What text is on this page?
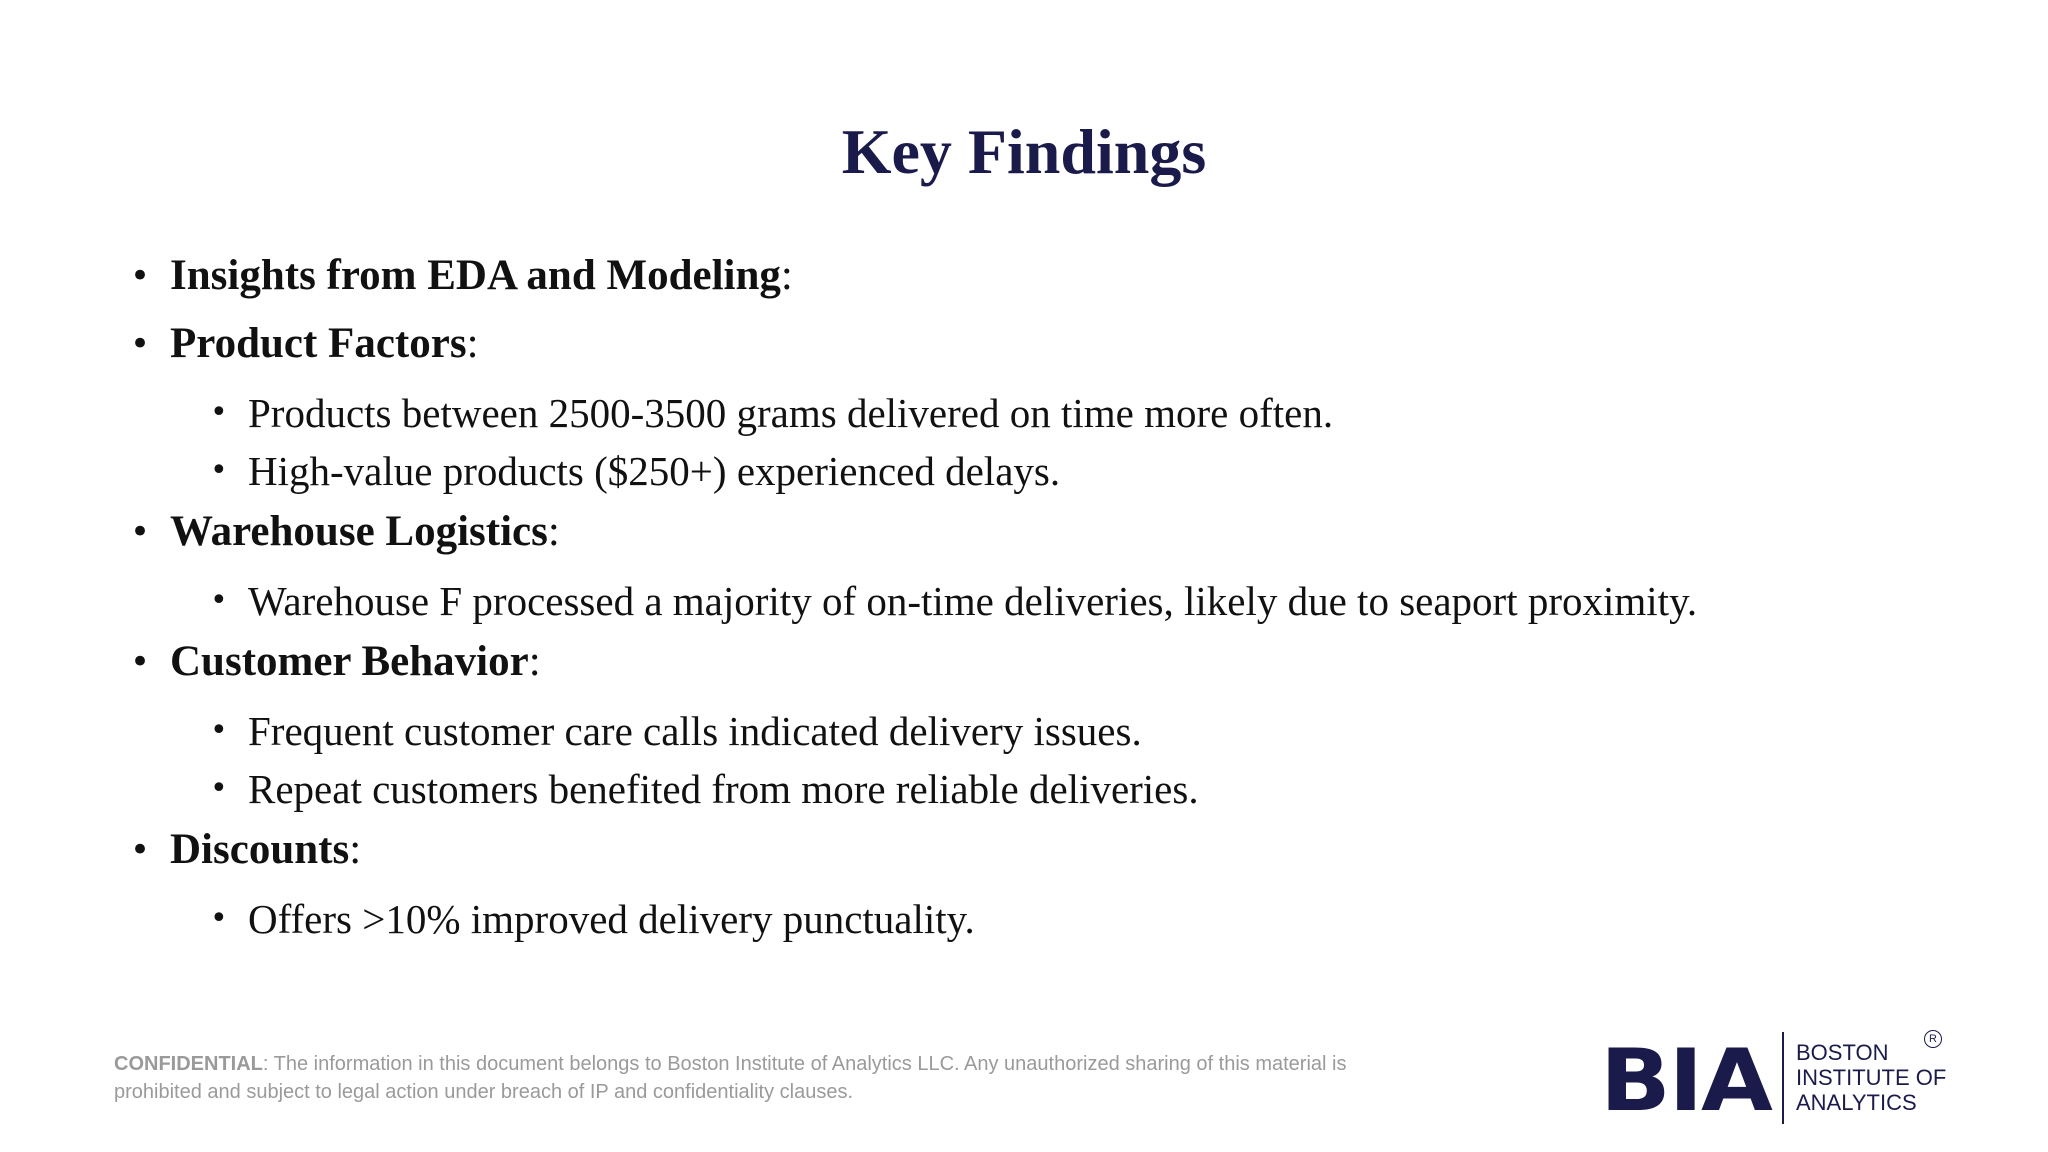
Key Findings
• Insights from EDA and Modeling:
• Product Factors:
• Products between 2500-3500 grams delivered on time more often.
• High-value products ($250+) experienced delays.
• Warehouse Logistics:
• Warehouse F processed a majority of on-time deliveries, likely due to seaport proximity.
• Customer Behavior:
• Frequent customer care calls indicated delivery issues.
• Repeat customers benefited from more reliable deliveries.
• Discounts:
• Offers >10% improved delivery punctuality.
CONFIDENTIAL: The information in this document belongs to Boston Institute of Analytics LLC. Any unauthorized sharing of this material is prohibited and subject to legal action under breach of IP and confidentiality clauses.	BIA BOSTON
INSTITUTE OF
ANALYTICS
R
